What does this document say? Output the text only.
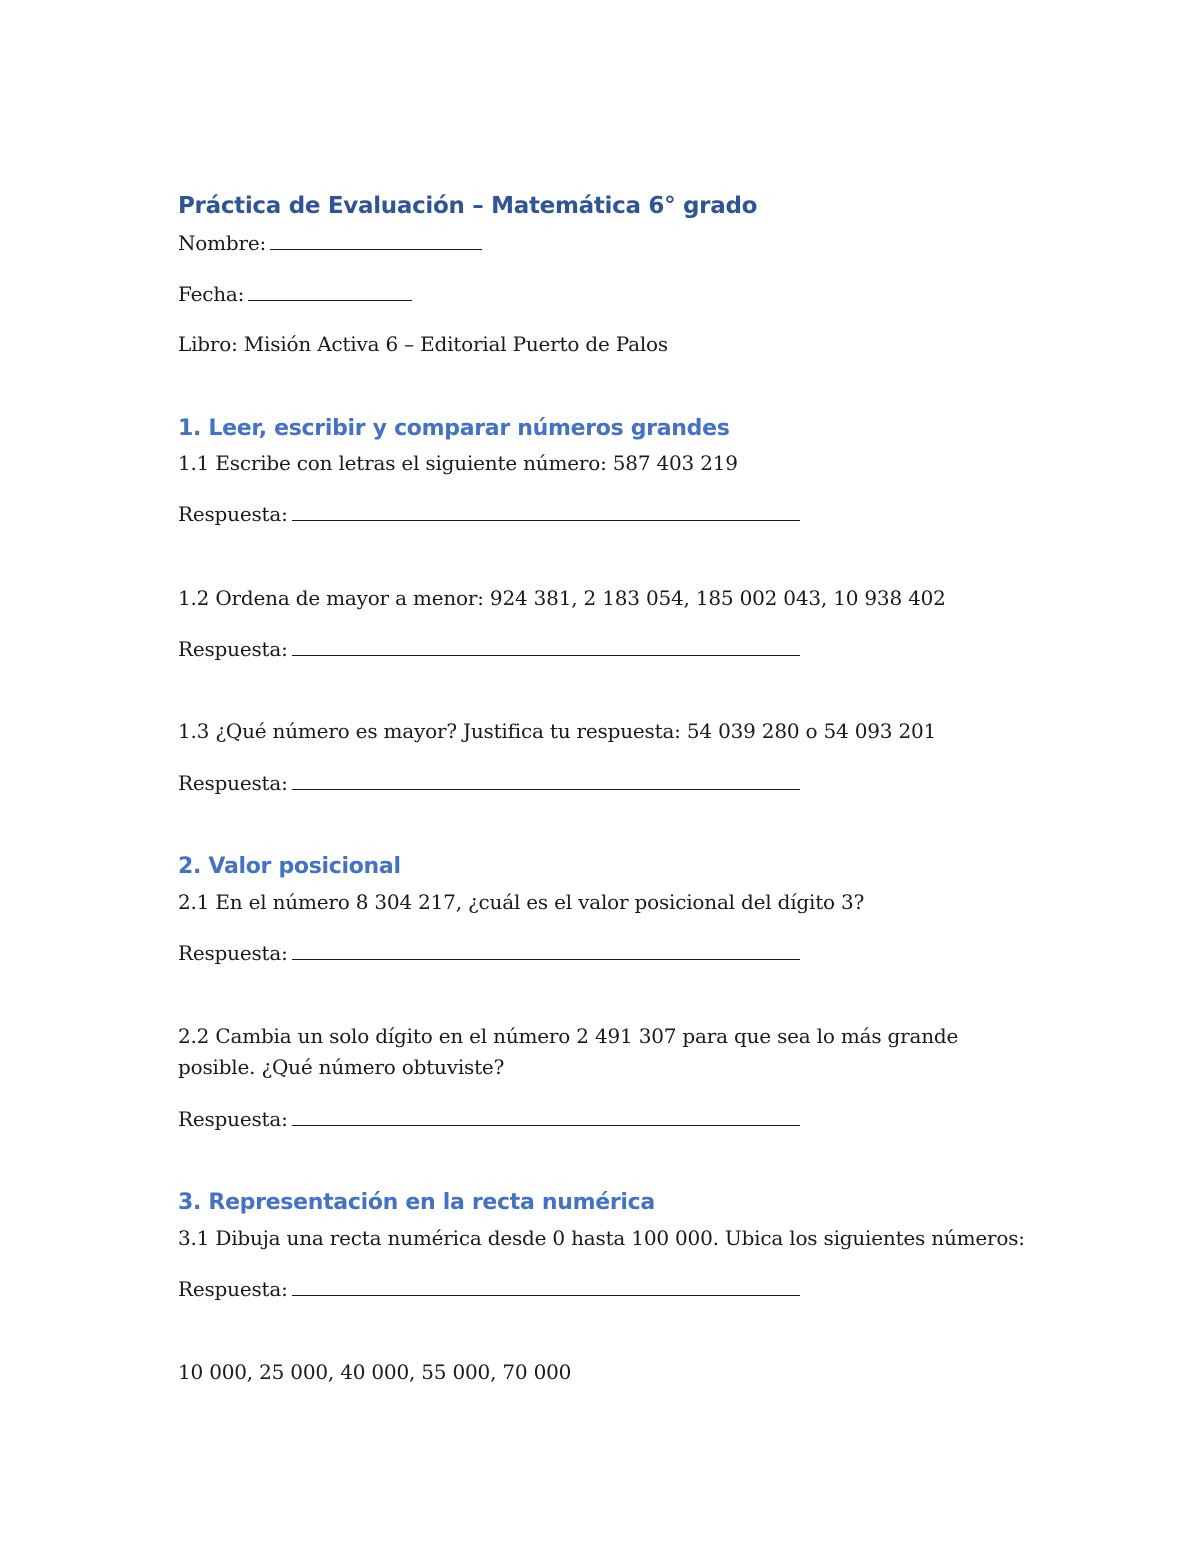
Práctica de Evaluación – Matemática 6° grado
Nombre:
Fecha:
Libro: Misión Activa 6 – Editorial Puerto de Palos
1. Leer, escribir y comparar números grandes
1.1 Escribe con letras el siguiente número: 587 403 219
Respuesta:
1.2 Ordena de mayor a menor: 924 381, 2 183 054, 185 002 043, 10 938 402
Respuesta:
1.3 ¿Qué número es mayor? Justifica tu respuesta: 54 039 280 o 54 093 201
Respuesta:
2. Valor posicional
2.1 En el número 8 304 217, ¿cuál es el valor posicional del dígito 3?
Respuesta:
2.2 Cambia un solo dígito en el número 2 491 307 para que sea lo más grande
posible. ¿Qué número obtuviste?
Respuesta:
3. Representación en la recta numérica
3.1 Dibuja una recta numérica desde 0 hasta 100 000. Ubica los siguientes números:
Respuesta:
10 000, 25 000, 40 000, 55 000, 70 000
